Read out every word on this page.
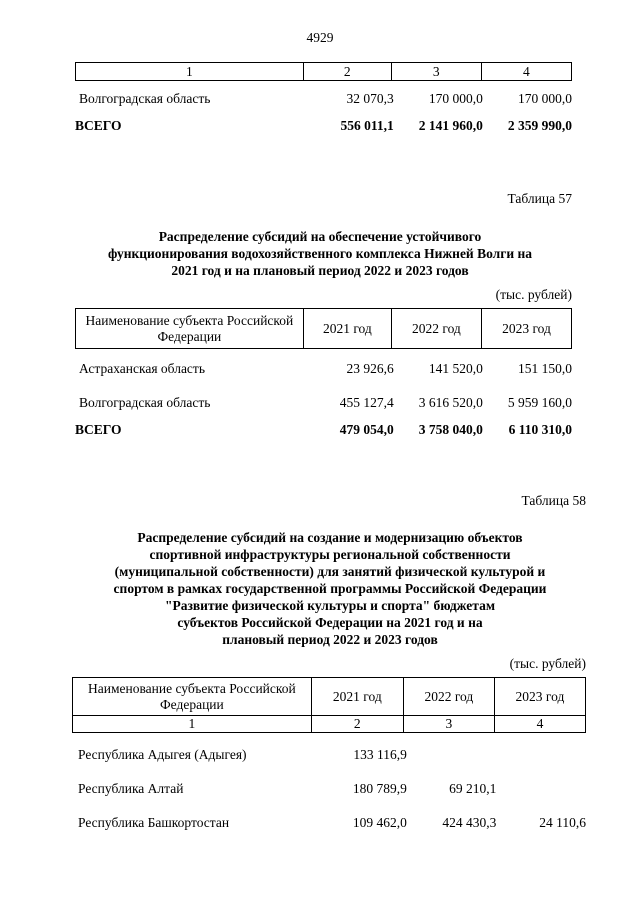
4929
1	2	3	4
Волгоградская область	32 070,3	170 000,0	170 000,0
ВСЕГО	556 011,1	2 141 960,0	2 359 990,0
Таблица 57
Распределение субсидий на обеспечение устойчивого
функционирования водохозяйственного комплекса Нижней Волги на
2021 год и на плановый период 2022 и 2023 годов
(тыс. рублей)
Наименование субъекта Российской Федерации	2021 год	2022 год	2023 год
Астраханская область	23 926,6	141 520,0	151 150,0
Волгоградская область	455 127,4	3 616 520,0	5 959 160,0
ВСЕГО	479 054,0	3 758 040,0	6 110 310,0
Таблица 58
Распределение субсидий на создание и модернизацию объектов
спортивной инфраструктуры региональной собственности
(муниципальной собственности) для занятий физической культурой и
спортом в рамках государственной программы Российской Федерации
"Развитие физической культуры и спорта" бюджетам
субъектов Российской Федерации на 2021 год и на
плановый период 2022 и 2023 годов
(тыс. рублей)
Наименование субъекта Российской Федерации	2021 год	2022 год	2023 год
1	2	3	4
Республика Адыгея (Адыгея)	133 116,9		
Республика Алтай	180 789,9	69 210,1	
Республика Башкортостан	109 462,0	424 430,3	24 110,6
